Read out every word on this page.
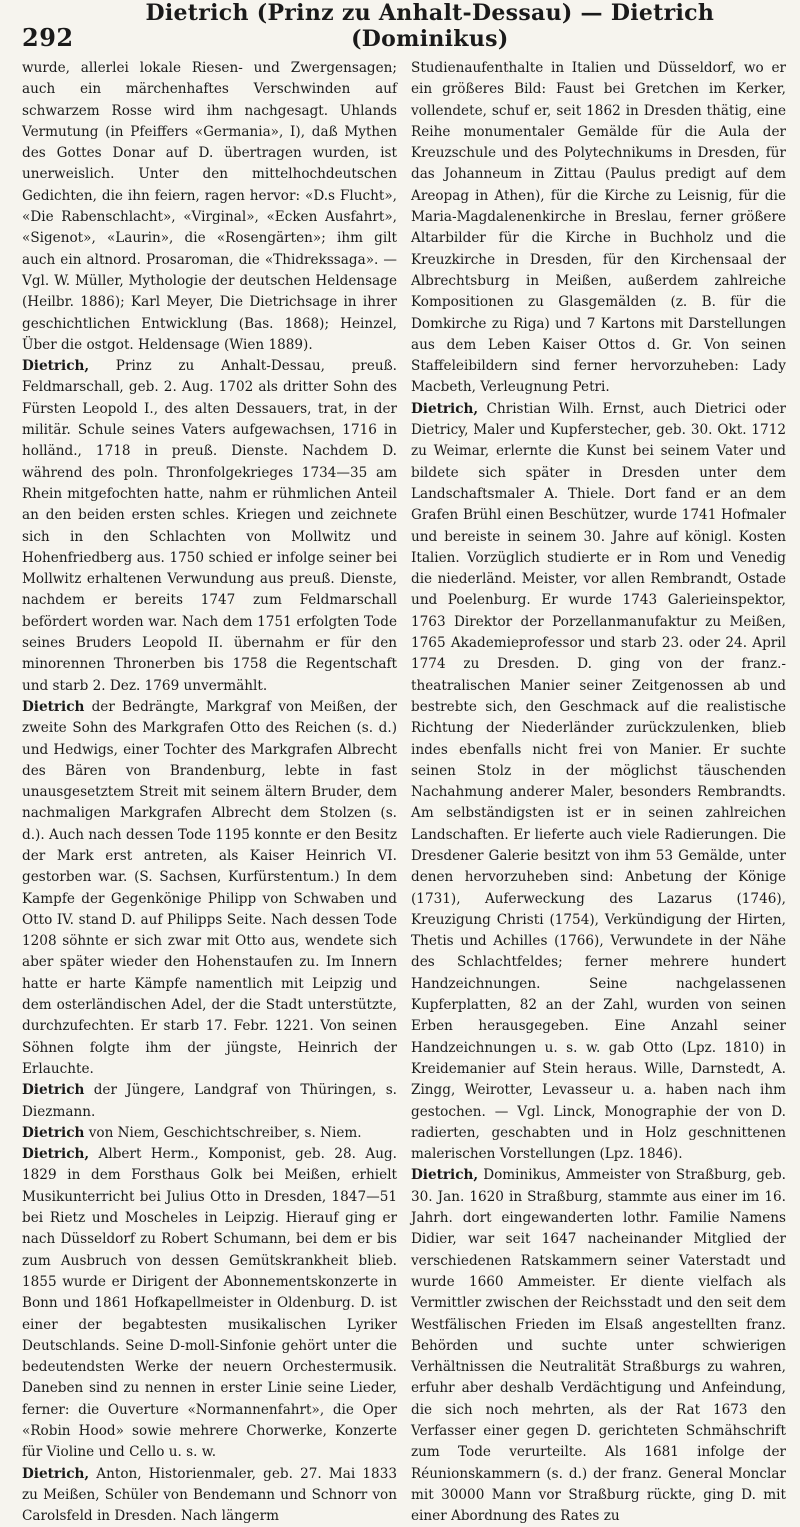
292
Dietrich (Prinz zu Anhalt-Dessau) — Dietrich (Dominikus)

wurde, allerlei lokale Riesen- und Zwergensagen; auch ein märchenhaftes Verschwinden auf schwarzem Rosse wird ihm nachgesagt. Uhlands Vermutung (in Pfeiffers «Germania», I), daß Mythen des Gottes Donar auf D. übertragen wurden, ist unerweislich. Unter den mittelhochdeutschen Gedichten, die ihn feiern, ragen hervor: «D.s Flucht», «Die Rabenschlacht», «Virginal», «Ecken Ausfahrt», «Sigenot», «Laurin», die «Rosengärten»; ihm gilt auch ein altnord. Prosaroman, die «Thidrekssaga». — Vgl. W. Müller, Mythologie der deutschen Heldensage (Heilbr. 1886); Karl Meyer, Die Dietrichsage in ihrer geschichtlichen Entwicklung (Bas. 1868); Heinzel, Über die ostgot. Heldensage (Wien 1889).

Dietrich, Prinz zu Anhalt-Dessau, preuß. Feldmarschall, geb. 2. Aug. 1702 als dritter Sohn des Fürsten Leopold I., des alten Dessauers, trat, in der militär. Schule seines Vaters aufgewachsen, 1716 in holländ., 1718 in preuß. Dienste. Nachdem D. während des poln. Thronfolgekrieges 1734—35 am Rhein mitgefochten hatte, nahm er rühmlichen Anteil an den beiden ersten schles. Kriegen und zeichnete sich in den Schlachten von Mollwitz und Hohenfriedberg aus. 1750 schied er infolge seiner bei Mollwitz erhaltenen Verwundung aus preuß. Dienste, nachdem er bereits 1747 zum Feldmarschall befördert worden war. Nach dem 1751 erfolgten Tode seines Bruders Leopold II. übernahm er für den minorennen Thronerben bis 1758 die Regentschaft und starb 2. Dez. 1769 unvermählt.

Dietrich der Bedrängte, Markgraf von Meißen, der zweite Sohn des Markgrafen Otto des Reichen (s. d.) und Hedwigs, einer Tochter des Markgrafen Albrecht des Bären von Brandenburg, lebte in fast unausgesetztem Streit mit seinem ältern Bruder, dem nachmaligen Markgrafen Albrecht dem Stolzen (s. d.). Auch nach dessen Tode 1195 konnte er den Besitz der Mark erst antreten, als Kaiser Heinrich VI. gestorben war. (S. Sachsen, Kurfürstentum.) In dem Kampfe der Gegenkönige Philipp von Schwaben und Otto IV. stand D. auf Philipps Seite. Nach dessen Tode 1208 söhnte er sich zwar mit Otto aus, wendete sich aber später wieder den Hohenstaufen zu. Im Innern hatte er harte Kämpfe namentlich mit Leipzig und dem osterländischen Adel, der die Stadt unterstützte, durchzufechten. Er starb 17. Febr. 1221. Von seinen Söhnen folgte ihm der jüngste, Heinrich der Erlauchte.

Dietrich der Jüngere, Landgraf von Thüringen, s. Diezmann.

Dietrich von Niem, Geschichtschreiber, s. Niem.

Dietrich, Albert Herm., Komponist, geb. 28. Aug. 1829 in dem Forsthaus Golk bei Meißen, erhielt Musikunterricht bei Julius Otto in Dresden, 1847—51 bei Rietz und Moscheles in Leipzig. Hierauf ging er nach Düsseldorf zu Robert Schumann, bei dem er bis zum Ausbruch von dessen Gemütskrankheit blieb. 1855 wurde er Dirigent der Abonnementskonzerte in Bonn und 1861 Hofkapellmeister in Oldenburg. D. ist einer der begabtesten musikalischen Lyriker Deutschlands. Seine D-moll-Sinfonie gehört unter die bedeutendsten Werke der neuern Orchestermusik. Daneben sind zu nennen in erster Linie seine Lieder, ferner: die Ouverture «Normannenfahrt», die Oper «Robin Hood» sowie mehrere Chorwerke, Konzerte für Violine und Cello u. s. w.

Dietrich, Anton, Historienmaler, geb. 27. Mai 1833 zu Meißen, Schüler von Bendemann und Schnorr von Carolsfeld in Dresden. Nach längerm

Studienaufenthalte in Italien und Düsseldorf, wo er ein größeres Bild: Faust bei Gretchen im Kerker, vollendete, schuf er, seit 1862 in Dresden thätig, eine Reihe monumentaler Gemälde für die Aula der Kreuzschule und des Polytechnikums in Dresden, für das Johanneum in Zittau (Paulus predigt auf dem Areopag in Athen), für die Kirche zu Leisnig, für die Maria-Magdalenenkirche in Breslau, ferner größere Altarbilder für die Kirche in Buchholz und die Kreuzkirche in Dresden, für den Kirchensaal der Albrechtsburg in Meißen, außerdem zahlreiche Kompositionen zu Glasgemälden (z. B. für die Domkirche zu Riga) und 7 Kartons mit Darstellungen aus dem Leben Kaiser Ottos d. Gr. Von seinen Staffeleibildern sind ferner hervorzuheben: Lady Macbeth, Verleugnung Petri.

Dietrich, Christian Wilh. Ernst, auch Dietrici oder Dietricy, Maler und Kupferstecher, geb. 30. Okt. 1712 zu Weimar, erlernte die Kunst bei seinem Vater und bildete sich später in Dresden unter dem Landschaftsmaler A. Thiele. Dort fand er an dem Grafen Brühl einen Beschützer, wurde 1741 Hofmaler und bereiste in seinem 30. Jahre auf königl. Kosten Italien. Vorzüglich studierte er in Rom und Venedig die niederländ. Meister, vor allen Rembrandt, Ostade und Poelenburg. Er wurde 1743 Galerieinspektor, 1763 Direktor der Porzellanmanufaktur zu Meißen, 1765 Akademieprofessor und starb 23. oder 24. April 1774 zu Dresden. D. ging von der franz.-theatralischen Manier seiner Zeitgenossen ab und bestrebte sich, den Geschmack auf die realistische Richtung der Niederländer zurückzulenken, blieb indes ebenfalls nicht frei von Manier. Er suchte seinen Stolz in der möglichst täuschenden Nachahmung anderer Maler, besonders Rembrandts. Am selbständigsten ist er in seinen zahlreichen Landschaften. Er lieferte auch viele Radierungen. Die Dresdener Galerie besitzt von ihm 53 Gemälde, unter denen hervorzuheben sind: Anbetung der Könige (1731), Auferweckung des Lazarus (1746), Kreuzigung Christi (1754), Verkündigung der Hirten, Thetis und Achilles (1766), Verwundete in der Nähe des Schlachtfeldes; ferner mehrere hundert Handzeichnungen. Seine nachgelassenen Kupferplatten, 82 an der Zahl, wurden von seinen Erben herausgegeben. Eine Anzahl seiner Handzeichnungen u. s. w. gab Otto (Lpz. 1810) in Kreidemanier auf Stein heraus. Wille, Darnstedt, A. Zingg, Weirotter, Levasseur u. a. haben nach ihm gestochen. — Vgl. Linck, Monographie der von D. radierten, geschabten und in Holz geschnittenen malerischen Vorstellungen (Lpz. 1846).

Dietrich, Dominikus, Ammeister von Straßburg, geb. 30. Jan. 1620 in Straßburg, stammte aus einer im 16. Jahrh. dort eingewanderten lothr. Familie Namens Didier, war seit 1647 nacheinander Mitglied der verschiedenen Ratskammern seiner Vaterstadt und wurde 1660 Ammeister. Er diente vielfach als Vermittler zwischen der Reichsstadt und den seit dem Westfälischen Frieden im Elsaß angestellten franz. Behörden und suchte unter schwierigen Verhältnissen die Neutralität Straßburgs zu wahren, erfuhr aber deshalb Verdächtigung und Anfeindung, die sich noch mehrten, als der Rat 1673 den Verfasser einer gegen D. gerichteten Schmähschrift zum Tode verurteilte. Als 1681 infolge der Réunionskammern (s. d.) der franz. General Monclar mit 30000 Mann vor Straßburg rückte, ging D. mit einer Abordnung des Rates zu
